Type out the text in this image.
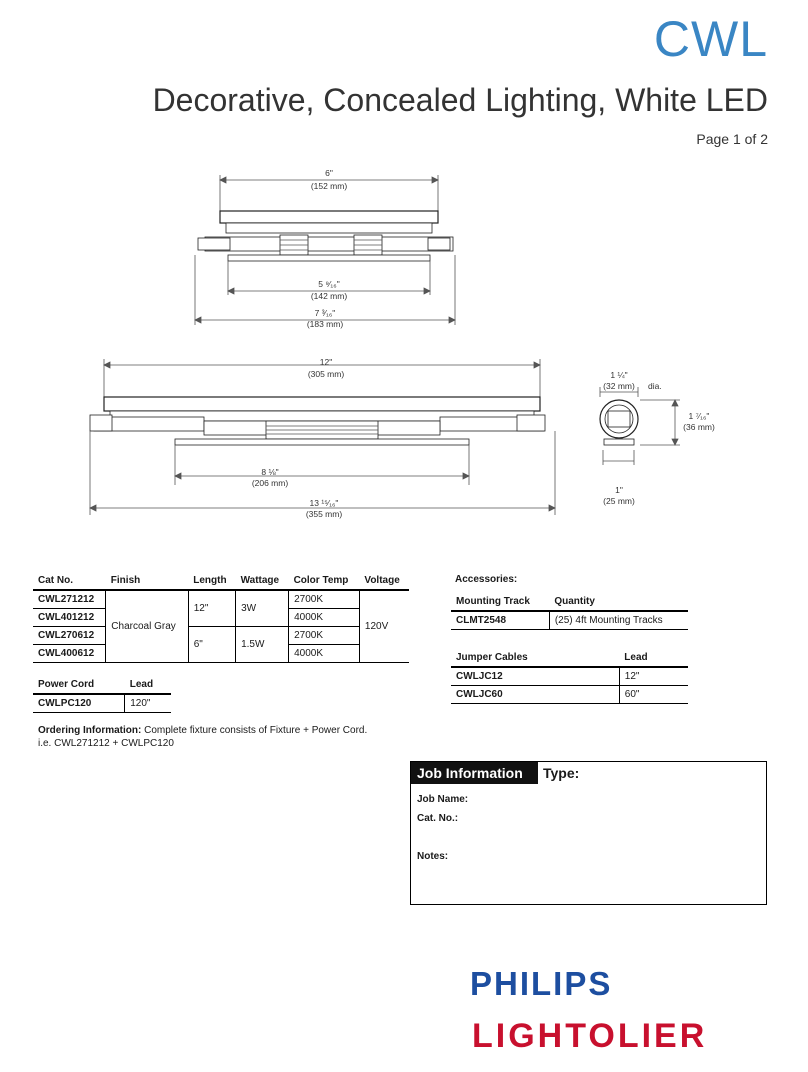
CWL
Decorative, Concealed Lighting, White LED
Page 1 of 2
6"
(152 mm)
5 ⁹⁄₁₆"
(142 mm)
7 ³⁄₁₆"
(183 mm)
12"
(305 mm)
8 ⅛"
(206 mm)
13 ¹⁵⁄₁₆"
(355 mm)
1 ¼"
(32 mm) dia.
1 ⁷⁄₁₆"
(36 mm)
1"
(25 mm)
Cat No.	Finish	Length	Wattage	Color Temp	Voltage
CWL271212	Charcoal Gray	12"	3W	2700K	120V
CWL401212				4000K	
CWL270612		6"	1.5W	2700K	
CWL400612				4000K	
Power Cord	Lead
CWLPC120	120"
Ordering Information: Complete fixture consists of Fixture + Power Cord.
i.e. CWL271212 + CWLPC120
Accessories:
Mounting Track	Quantity
CLMT2548	(25) 4ft Mounting Tracks
Jumper Cables	Lead
CWLJC12	12"
CWLJC60	60"
Job Information	Type:
Job Name:
Cat. No.:
Notes:
PHILIPS
LIGHTOLIER
